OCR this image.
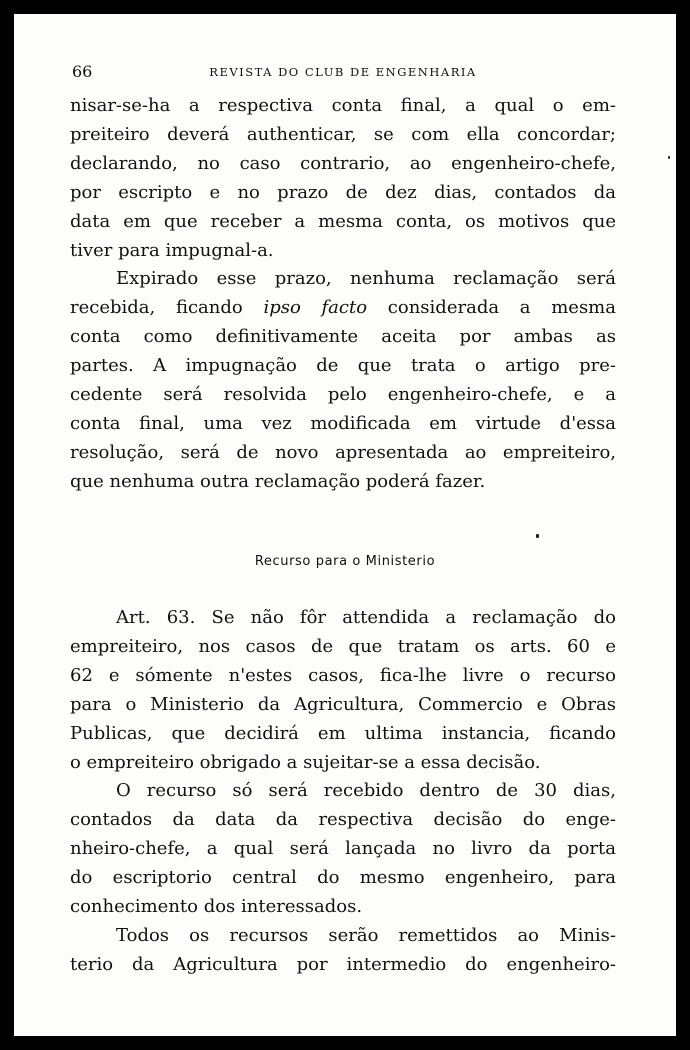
66	REVISTA DO CLUB DE ENGENHARIA
nisar-se-ha a respectiva conta final, a qual o em-
preiteiro deverá authenticar, se com ella concordar;
declarando, no caso contrario, ao engenheiro-chefe,
por escripto e no prazo de dez dias, contados da
data em que receber a mesma conta, os motivos que
tiver para impugnal-a.
Expirado esse prazo, nenhuma reclamação será
recebida, ficando ipso facto considerada a mesma
conta como definitivamente aceita por ambas as
partes. A impugnação de que trata o artigo pre-
cedente será resolvida pelo engenheiro-chefe, e a
conta final, uma vez modificada em virtude d'essa
resolução, será de novo apresentada ao empreiteiro,
que nenhuma outra reclamação poderá fazer.
Recurso para o Ministerio
Art. 63. Se não fôr attendida a reclamação do
empreiteiro, nos casos de que tratam os arts. 60 e
62 e sómente n'estes casos, fica-lhe livre o recurso
para o Ministerio da Agricultura, Commercio e Obras
Publicas, que decidirá em ultima instancia, ficando
o empreiteiro obrigado a sujeitar-se a essa decisão.
O recurso só será recebido dentro de 30 dias,
contados da data da respectiva decisão do enge-
nheiro-chefe, a qual será lançada no livro da porta
do escriptorio central do mesmo engenheiro, para
conhecimento dos interessados.
Todos os recursos serão remettidos ao Minis-
terio da Agricultura por intermedio do engenheiro-
